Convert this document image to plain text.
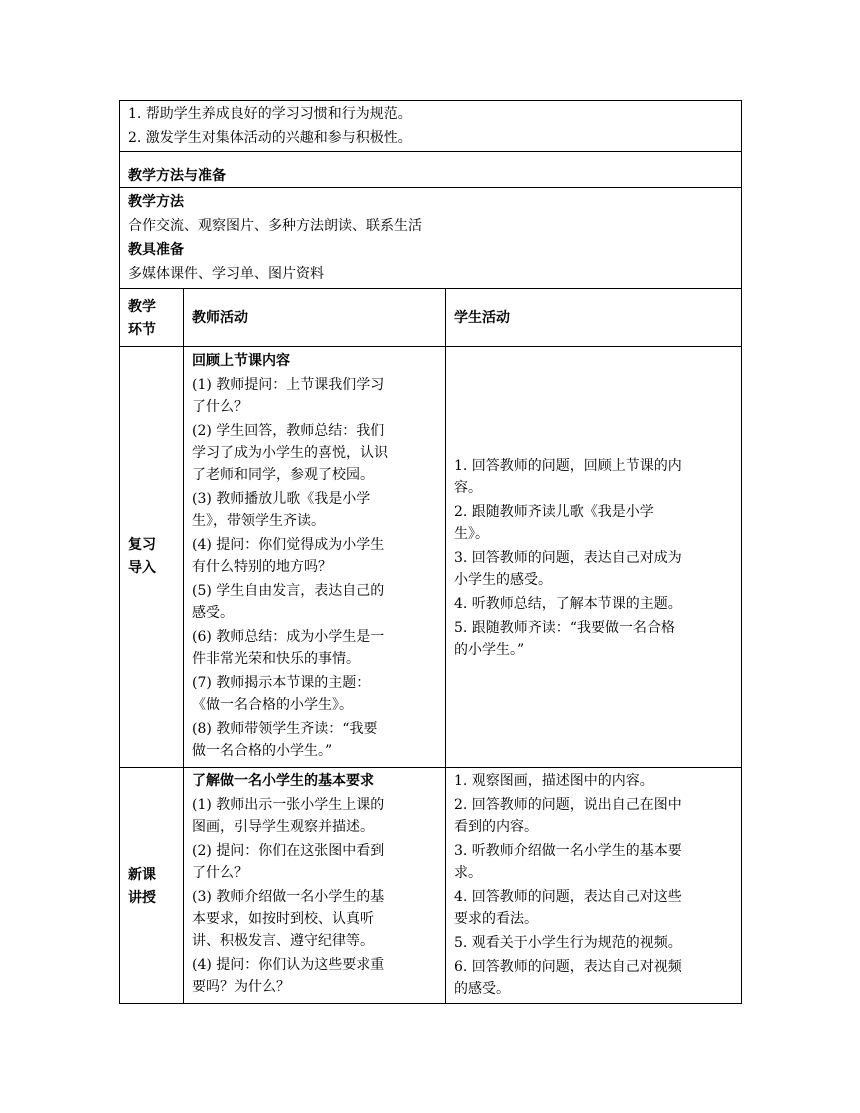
1. 帮助学生养成良好的学习习惯和行为规范。
2. 激发学生对集体活动的兴趣和参与积极性。
教学方法与准备
教学方法
合作交流、观察图片、多种方法朗读、联系生活
教具准备
多媒体课件、学习单、图片资料
教学
环节
教师活动	学生活动
复习
导入
回顾上节课内容
(1) 教师提问：上节课我们学习
了什么？
(2) 学生回答，教师总结：我们
学习了成为小学生的喜悦，认识
了老师和同学，参观了校园。
(3) 教师播放儿歌《我是小学
生》，带领学生齐读。
(4) 提问：你们觉得成为小学生
有什么特别的地方吗？
(5) 学生自由发言，表达自己的
感受。
(6) 教师总结：成为小学生是一
件非常光荣和快乐的事情。
(7) 教师揭示本节课的主题：
《做一名合格的小学生》。
(8) 教师带领学生齐读：“我要
做一名合格的小学生。”
1. 回答教师的问题，回顾上节课的内
容。
2. 跟随教师齐读儿歌《我是小学
生》。
3. 回答教师的问题，表达自己对成为
小学生的感受。
4. 听教师总结，了解本节课的主题。
5. 跟随教师齐读：“我要做一名合格
的小学生。”
新课
讲授
了解做一名小学生的基本要求
(1) 教师出示一张小学生上课的
图画，引导学生观察并描述。
(2) 提问：你们在这张图中看到
了什么？
(3) 教师介绍做一名小学生的基
本要求，如按时到校、认真听
讲、积极发言、遵守纪律等。
(4) 提问：你们认为这些要求重
要吗？为什么？
1. 观察图画，描述图中的内容。
2. 回答教师的问题，说出自己在图中
看到的内容。
3. 听教师介绍做一名小学生的基本要
求。
4. 回答教师的问题，表达自己对这些
要求的看法。
5. 观看关于小学生行为规范的视频。
6. 回答教师的问题，表达自己对视频
的感受。
